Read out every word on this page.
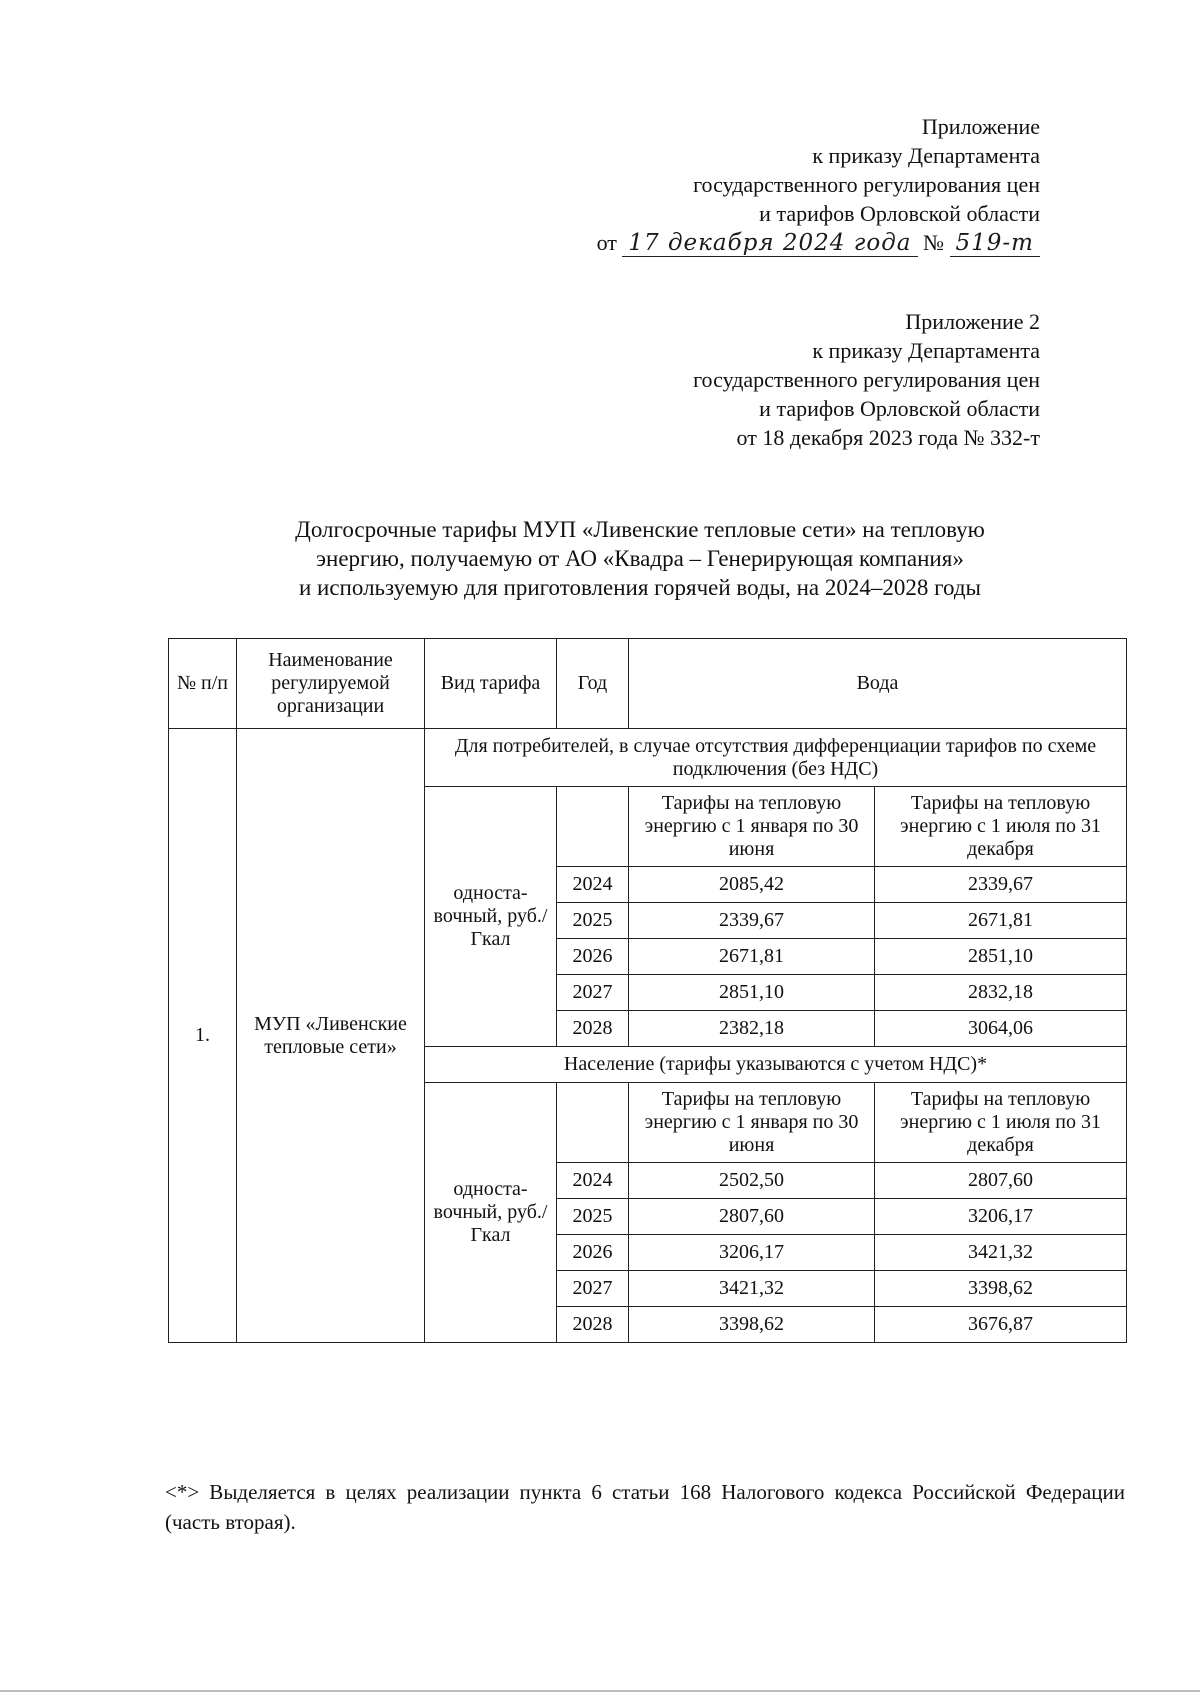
Приложение
к приказу Департамента
государственного регулирования цен
и тарифов Орловской области
от 17 декабря 2024 года № 519-т
Приложение 2
к приказу Департамента
государственного регулирования цен
и тарифов Орловской области
от 18 декабря 2023 года № 332-т
Долгосрочные тарифы МУП «Ливенские тепловые сети» на тепловую
энергию, получаемую от АО «Квадра – Генерирующая компания»
и используемую для приготовления горячей воды, на 2024–2028 годы
№ п/п	Наименование регулируемой организации	Вид тарифа	Год	Вода	
1.	МУП «Ливенские тепловые сети»	Для потребителей, в случае отсутствия дифференциации тарифов по схеме подключения (без НДС)			
		односта-вочный, руб./Гкал		Тарифы на тепловую энергию с 1 января по 30 июня	Тарифы на тепловую энергию с 1 июля по 31 декабря
			2024	2085,42	2339,67
			2025	2339,67	2671,81
			2026	2671,81	2851,10
			2027	2851,10	2832,18
			2028	2382,18	3064,06
		Население (тарифы указываются с учетом НДС)*			
		односта-вочный, руб./Гкал		Тарифы на тепловую энергию с 1 января по 30 июня	Тарифы на тепловую энергию с 1 июля по 31 декабря
			2024	2502,50	2807,60
			2025	2807,60	3206,17
			2026	3206,17	3421,32
			2027	3421,32	3398,62
			2028	3398,62	3676,87
<*> Выделяется в целях реализации пункта 6 статьи 168 Налогового кодекса Российской Федерации (часть вторая).
